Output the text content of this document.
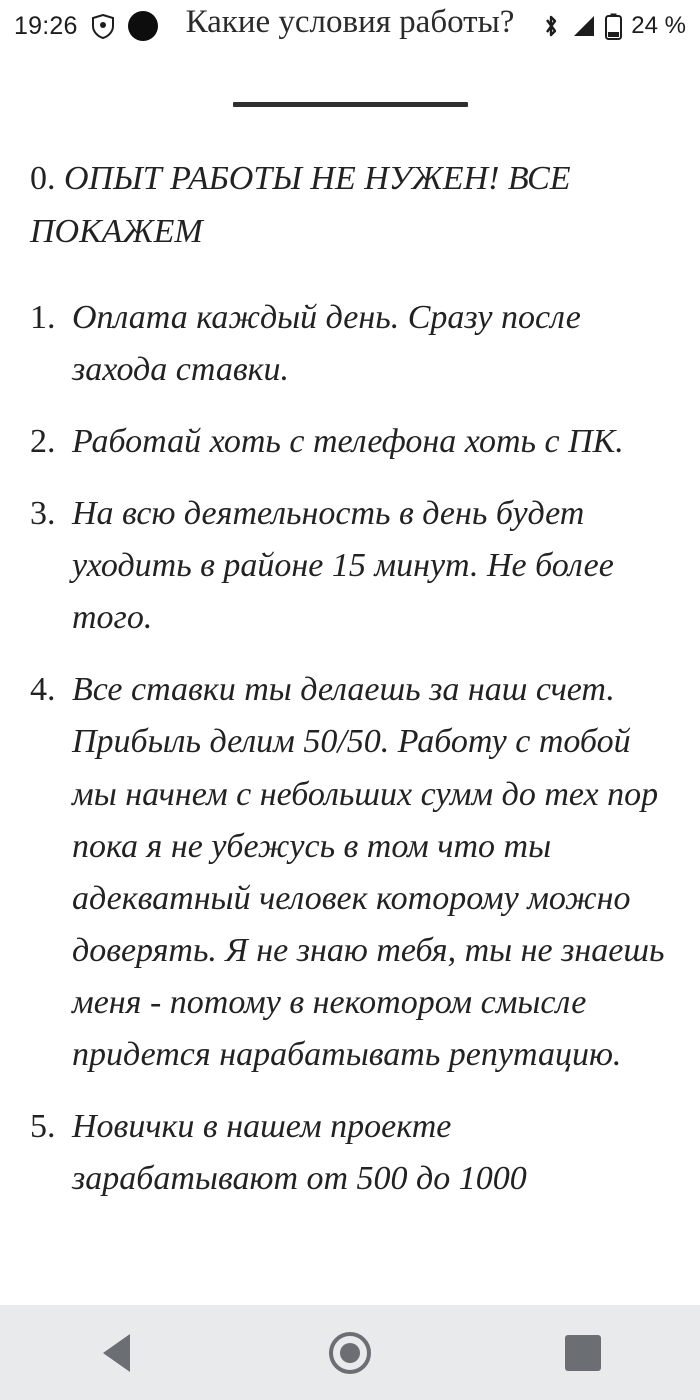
19:26	24 %
Какие условия работы?

0. ОПЫТ РАБОТЫ НЕ НУЖЕН! ВСЕ ПОКАЖЕМ

1. Оплата каждый день. Сразу после захода ставки.
2. Работай хоть с телефона хоть с ПК.
3. На всю деятельность в день будет уходить в районе 15 минут. Не более того.
4. Все ставки ты делаешь за наш счет. Прибыль делим 50/50. Работу с тобой мы начнем с небольших сумм до тех пор пока я не убежусь в том что ты адекватный человек которому можно доверять. Я не знаю тебя, ты не знаешь меня - потому в некотором смысле придется нарабатывать репутацию.
5. Новички в нашем проекте зарабатывают от 500 до 1000
